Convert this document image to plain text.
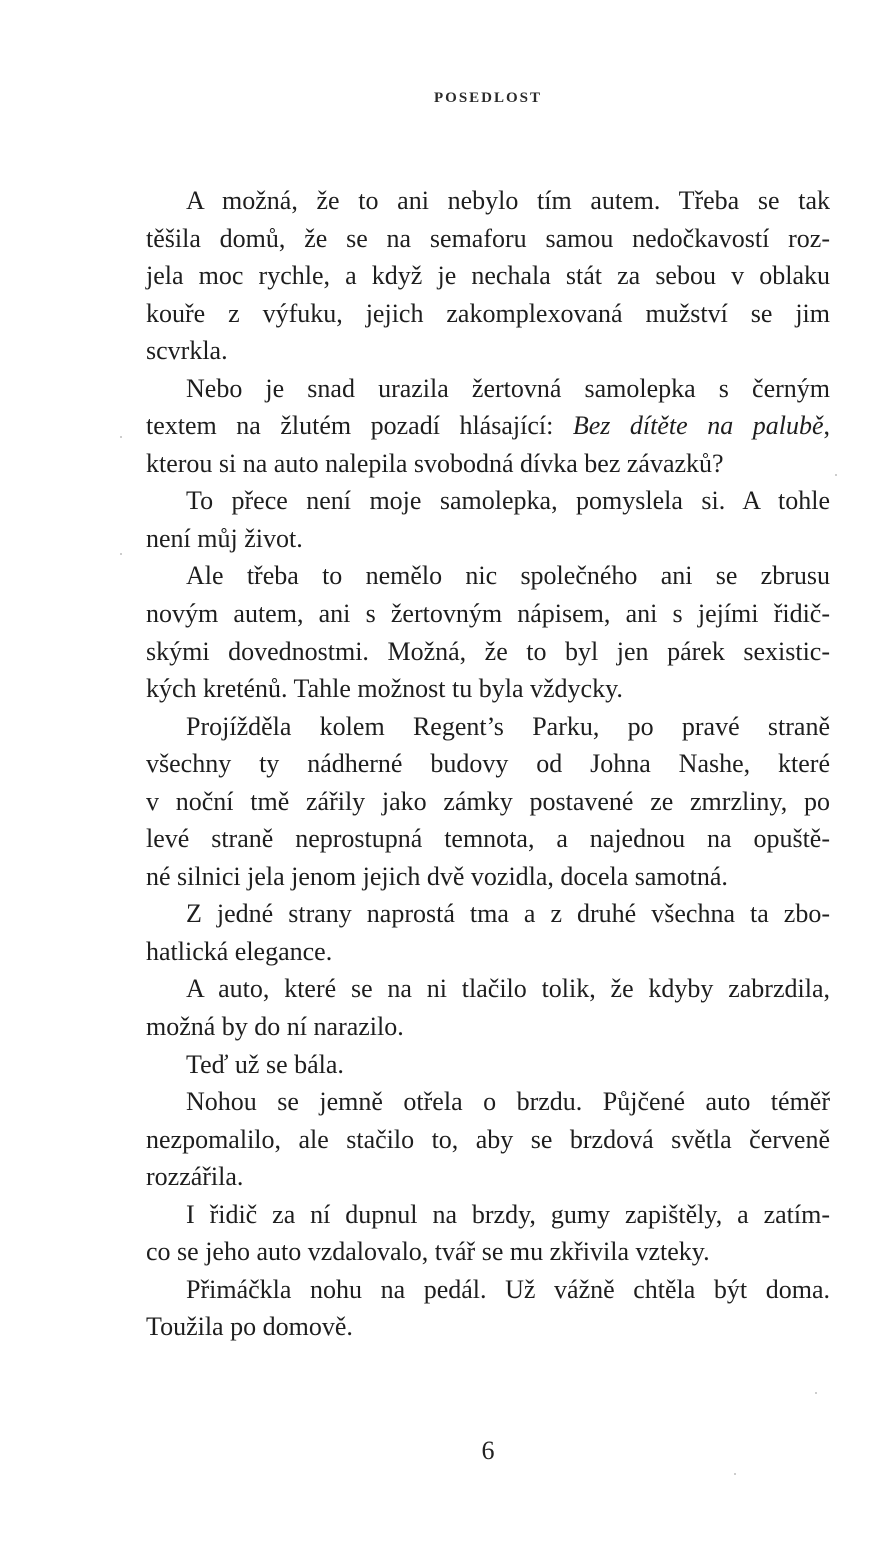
POSEDLOST
A možná, že to ani nebylo tím autem. Třeba se tak
těšila domů, že se na semaforu samou nedočkavostí roz-
jela moc rychle, a když je nechala stát za sebou v oblaku
kouře z výfuku, jejich zakomplexovaná mužství se jim
scvrkla.
Nebo je snad urazila žertovná samolepka s černým
textem na žlutém pozadí hlásající: Bez dítěte na palubě,
kterou si na auto nalepila svobodná dívka bez závazků?
To přece není moje samolepka, pomyslela si. A tohle
není můj život.
Ale třeba to nemělo nic společného ani se zbrusu
novým autem, ani s žertovným nápisem, ani s jejími řidič-
skými dovednostmi. Možná, že to byl jen párek sexistic-
kých kreténů. Tahle možnost tu byla vždycky.
Projížděla kolem Regent’s Parku, po pravé straně
všechny ty nádherné budovy od Johna Nashe, které
v noční tmě zářily jako zámky postavené ze zmrzliny, po
levé straně neprostupná temnota, a najednou na opuště-
né silnici jela jenom jejich dvě vozidla, docela samotná.
Z jedné strany naprostá tma a z druhé všechna ta zbo-
hatlická elegance.
A auto, které se na ni tlačilo tolik, že kdyby zabrzdila,
možná by do ní narazilo.
Teď už se bála.
Nohou se jemně otřela o brzdu. Půjčené auto téměř
nezpomalilo, ale stačilo to, aby se brzdová světla červeně
rozzářila.
I řidič za ní dupnul na brzdy, gumy zapištěly, a zatím-
co se jeho auto vzdalovalo, tvář se mu zkřivila vzteky.
Přimáčkla nohu na pedál. Už vážně chtěla být doma.
Toužila po domově.
6
